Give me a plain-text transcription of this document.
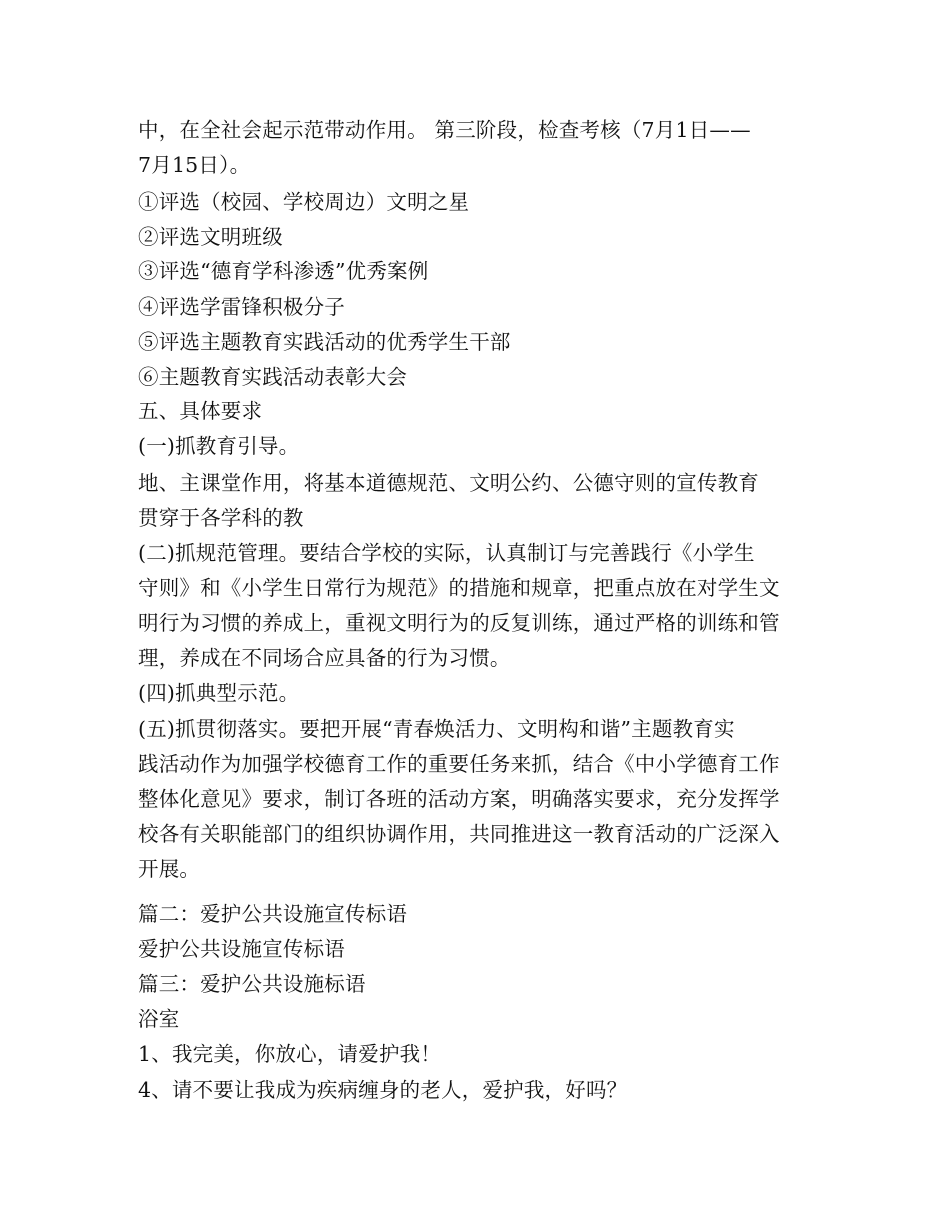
中，在全社会起示范带动作用。 第三阶段，检查考核（7月1日——
7月15日）。
①评选（校园、学校周边）文明之星
②评选文明班级
③评选“德育学科渗透”优秀案例
④评选学雷锋积极分子
⑤评选主题教育实践活动的优秀学生干部
⑥主题教育实践活动表彰大会
五、具体要求
(一)抓教育引导。
地、主课堂作用，将基本道德规范、文明公约、公德守则的宣传教育
贯穿于各学科的教
(二)抓规范管理。要结合学校的实际，认真制订与完善践行《小学生
守则》和《小学生日常行为规范》的措施和规章，把重点放在对学生文
明行为习惯的养成上，重视文明行为的反复训练，通过严格的训练和管
理，养成在不同场合应具备的行为习惯。
(四)抓典型示范。
(五)抓贯彻落实。要把开展“青春焕活力、文明构和谐”主题教育实
践活动作为加强学校德育工作的重要任务来抓，结合《中小学德育工作
整体化意见》要求，制订各班的活动方案，明确落实要求，充分发挥学
校各有关职能部门的组织协调作用，共同推进这一教育活动的广泛深入
开展。
篇二：爱护公共设施宣传标语
爱护公共设施宣传标语
篇三：爱护公共设施标语
浴室
1、我完美，你放心，请爱护我！
4、请不要让我成为疾病缠身的老人，爱护我，好吗？
